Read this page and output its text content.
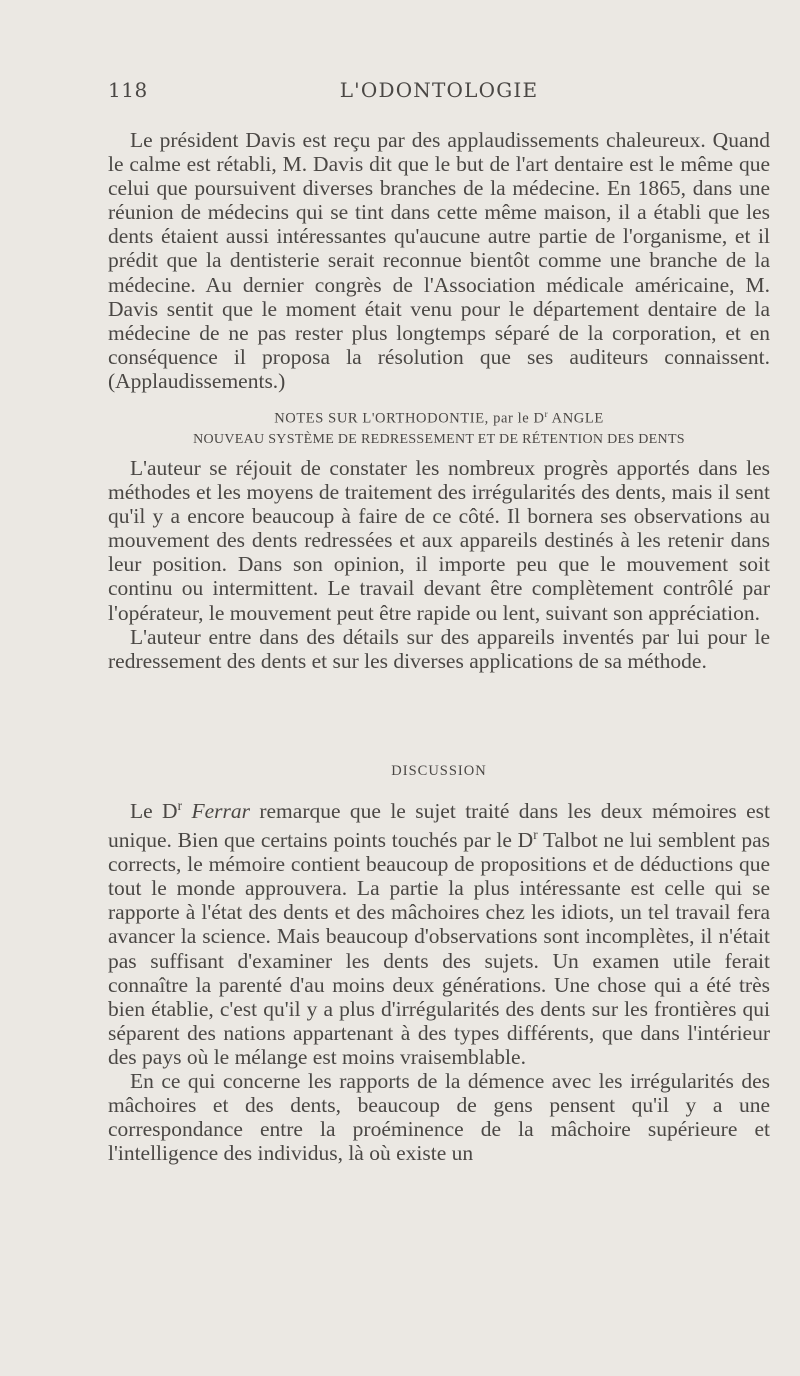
118	L'ODONTOLOGIE

Le président Davis est reçu par des applaudissements chaleureux. Quand le calme est rétabli, M. Davis dit que le but de l'art dentaire est le même que celui que poursuivent diverses branches de la médecine. En 1865, dans une réunion de médecins qui se tint dans cette même maison, il a établi que les dents étaient aussi intéressantes qu'aucune autre partie de l'organisme, et il prédit que la dentisterie serait reconnue bientôt comme une branche de la médecine. Au dernier congrès de l'Association médicale américaine, M. Davis sentit que le moment était venu pour le département dentaire de la médecine de ne pas rester plus longtemps séparé de la corporation, et en conséquence il proposa la résolution que ses auditeurs connaissent. (Applaudissements.)

NOTES SUR L'ORTHODONTIE, par le $D^r$ ANGLE
NOUVEAU SYSTÈME DE REDRESSEMENT ET DE RÉTENTION DES DENTS

L'auteur se réjouit de constater les nombreux progrès apportés dans les méthodes et les moyens de traitement des irrégularités des dents, mais il sent qu'il y a encore beaucoup à faire de ce côté. Il bornera ses observations au mouvement des dents redressées et aux appareils destinés à les retenir dans leur position. Dans son opinion, il importe peu que le mouvement soit continu ou intermittent. Le travail devant être complètement contrôlé par l'opérateur, le mouvement peut être rapide ou lent, suivant son appréciation.

L'auteur entre dans des détails sur des appareils inventés par lui pour le redressement des dents et sur les diverses applications de sa méthode.

DISCUSSION

Le $D^r$ Ferrar remarque que le sujet traité dans les deux mémoires est unique. Bien que certains points touchés par le $D^r$ Talbot ne lui semblent pas corrects, le mémoire contient beaucoup de propositions et de déductions que tout le monde approuvera. La partie la plus intéressante est celle qui se rapporte à l'état des dents et des mâchoires chez les idiots, un tel travail fera avancer la science. Mais beaucoup d'observations sont incomplètes, il n'était pas suffisant d'examiner les dents des sujets. Un examen utile ferait connaître la parenté d'au moins deux générations. Une chose qui a été très bien établie, c'est qu'il y a plus d'irrégularités des dents sur les frontières qui séparent des nations appartenant à des types différents, que dans l'intérieur des pays où le mélange est moins vraisemblable.

En ce qui concerne les rapports de la démence avec les irrégularités des mâchoires et des dents, beaucoup de gens pensent qu'il y a une correspondance entre la proéminence de la mâchoire supérieure et l'intelligence des individus, là où existe un
